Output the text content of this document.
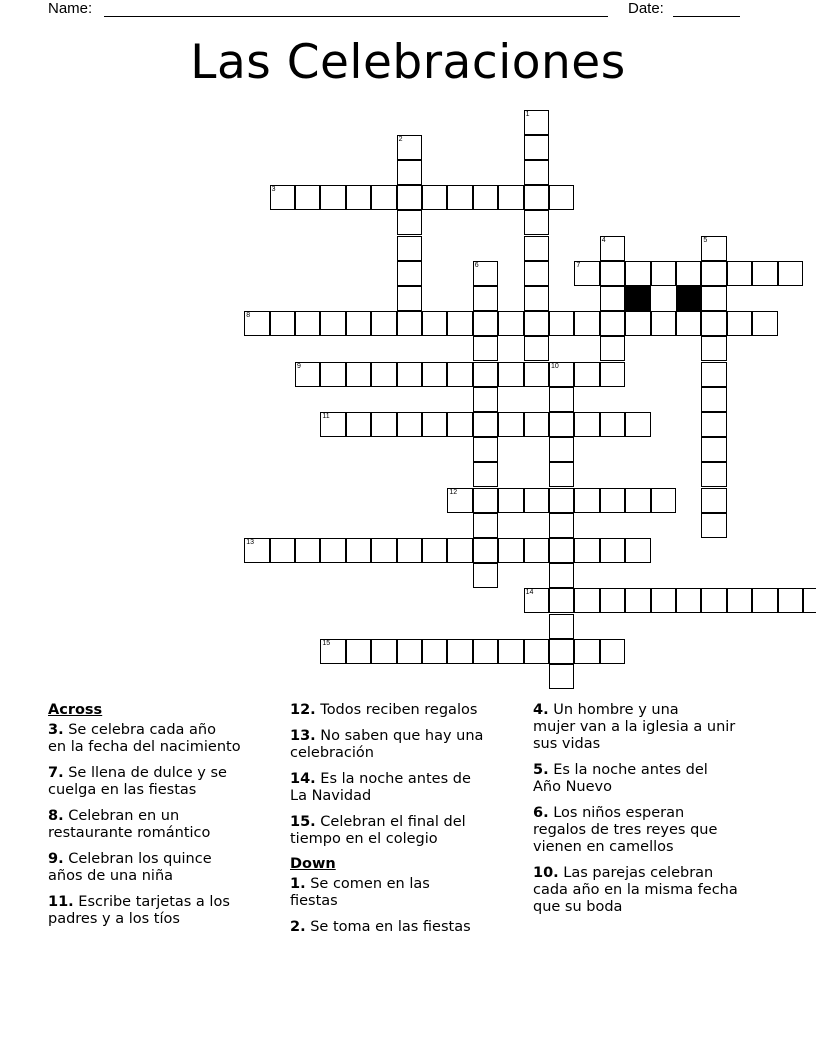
Name:	Date:
Las Celebraciones
1
2
3
4	5
6	7
8
9	10
11
12
13
14
15
Across
3. Se celebra cada año
en la fecha del nacimiento
7. Se llena de dulce y se
cuelga en las fiestas
8. Celebran en un
restaurante romántico
9. Celebran los quince
años de una niña
11. Escribe tarjetas a los
padres y a los tíos
12. Todos reciben regalos
13. No saben que hay una
celebración
14. Es la noche antes de
La Navidad
15. Celebran el final del
tiempo en el colegio
Down
1. Se comen en las
fiestas
2. Se toma en las fiestas
4. Un hombre y una
mujer van a la iglesia a unir
sus vidas
5. Es la noche antes del
Año Nuevo
6. Los niños esperan
regalos de tres reyes que
vienen en camellos
10. Las parejas celebran
cada año en la misma fecha
que su boda
